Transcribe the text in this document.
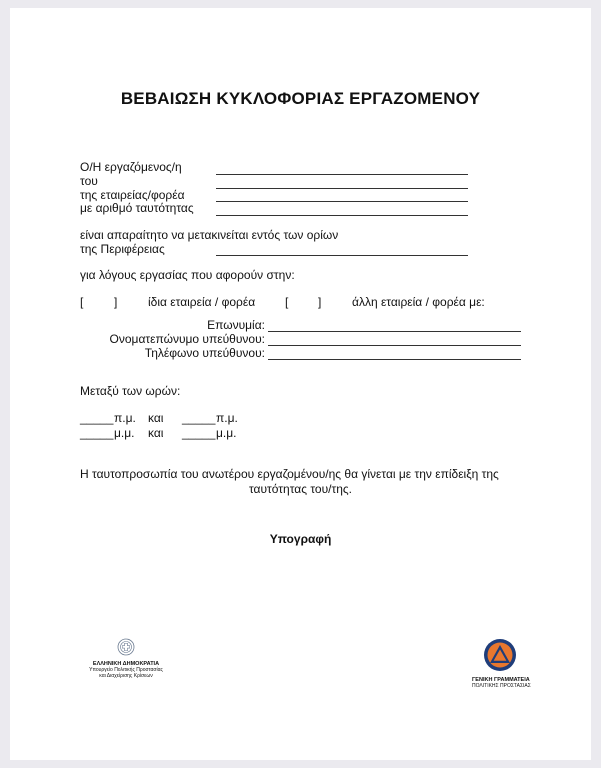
ΒΕΒΑΙΩΣΗ ΚΥΚΛΟΦΟΡΙΑΣ ΕΡΓΑΖΟΜΕΝΟΥ
Ο/Η εργαζόμενος/η
του
της εταιρείας/φορέα
με αριθμό ταυτότητας
είναι απαραίτητο να μετακινείται εντός των ορίων
της Περιφέρειας
για λόγους εργασίας που αφορούν στην:
[	]	ίδια εταιρεία / φορέα [ ]	άλλη εταιρεία / φορέα με:
Επωνυμία:
Ονοματεπώνυμο υπεύθυνου:
Τηλέφωνο υπεύθυνου:
Μεταξύ των ωρών:
_____ π.μ. και _____ π.μ.
_____ μ.μ. και _____ μ.μ.
Η ταυτοπροσωπία του ανωτέρου εργαζομένου/ης θα γίνεται με την επίδειξη της
ταυτότητας του/της.
Υπογραφή
ΕΛΛΗΝΙΚΗ ΔΗΜΟΚΡΑΤΙΑ
Υπουργείο Πολιτικής Προστασίας
και Διαχείρισης Κρίσεων
ΓΕΝΙΚΗ ΓΡΑΜΜΑΤΕΙΑ
ΠΟΛΙΤΙΚΗΣ ΠΡΟΣΤΑΣΙΑΣ
